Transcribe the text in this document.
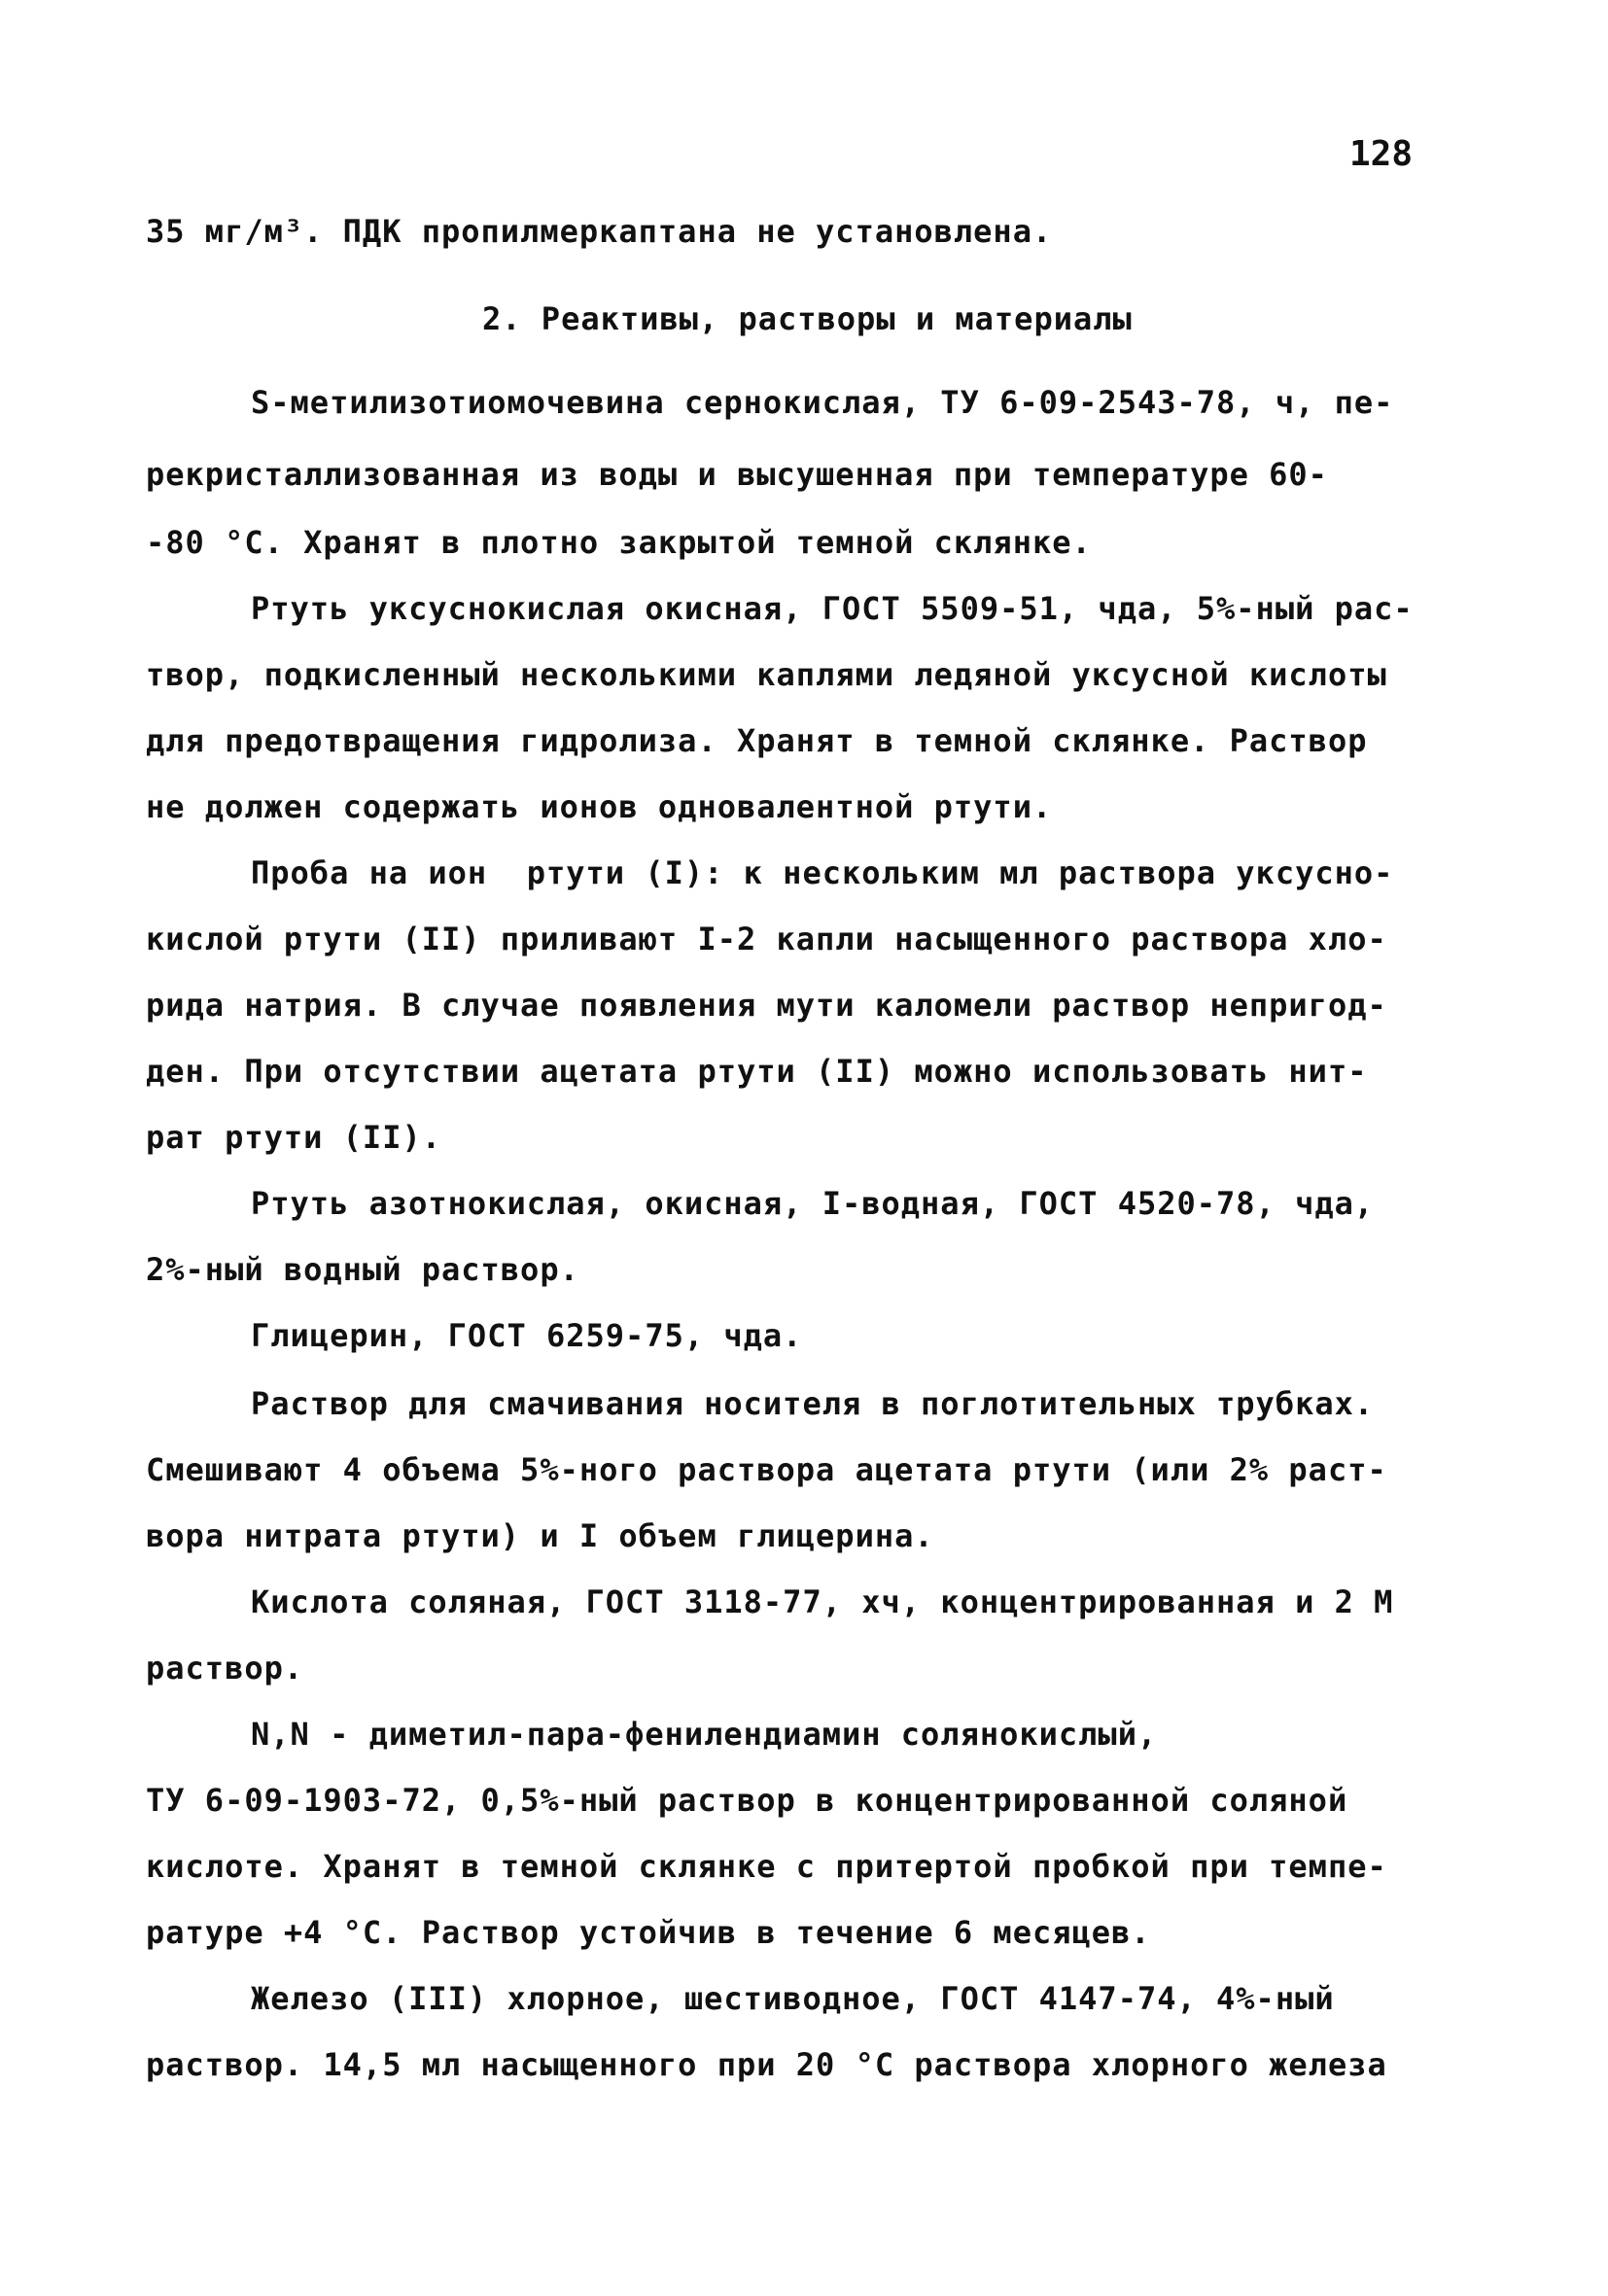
128
35 мг/м³. ПДК пропилмеркаптана не установлена.
2. Реактивы, растворы и материалы
S-метилизотиомочевина сернокислая, ТУ 6-09-2543-78, ч, пе-
рекристаллизованная из воды и высушенная при температуре 60-
-80 °С. Хранят в плотно закрытой темной склянке.
Ртуть уксуснокислая окисная, ГОСТ 5509-51, чда, 5%-ный рас-
твор, подкисленный несколькими каплями ледяной уксусной кислоты
для предотвращения гидролиза. Хранят в темной склянке. Раствор
не должен содержать ионов одновалентной ртути.
Проба на ион  ртути (I): к нескольким мл раствора уксусно-
кислой ртути (II) приливают I-2 капли насыщенного раствора хло-
рида натрия. В случае появления мути каломели раствор непригод-
ден. При отсутствии ацетата ртути (II) можно использовать нит-
рат ртути (II).
Ртуть азотнокислая, окисная, I-водная, ГОСТ 4520-78, чда,
2%-ный водный раствор.
Глицерин, ГОСТ 6259-75, чда.
Раствор для смачивания носителя в поглотительных трубках.
Смешивают 4 объема 5%-ного раствора ацетата ртути (или 2% раст-
вора нитрата ртути) и I объем глицерина.
Кислота соляная, ГОСТ 3118-77, хч, концентрированная и 2 М
раствор.
N,N - диметил-пара-фенилендиамин солянокислый,
ТУ 6-09-1903-72, 0,5%-ный раствор в концентрированной соляной
кислоте. Хранят в темной склянке с притертой пробкой при темпе-
ратуре +4 °С. Раствор устойчив в течение 6 месяцев.
Железо (III) хлорное, шестиводное, ГОСТ 4147-74, 4%-ный
раствор. 14,5 мл насыщенного при 20 °С раствора хлорного железа
